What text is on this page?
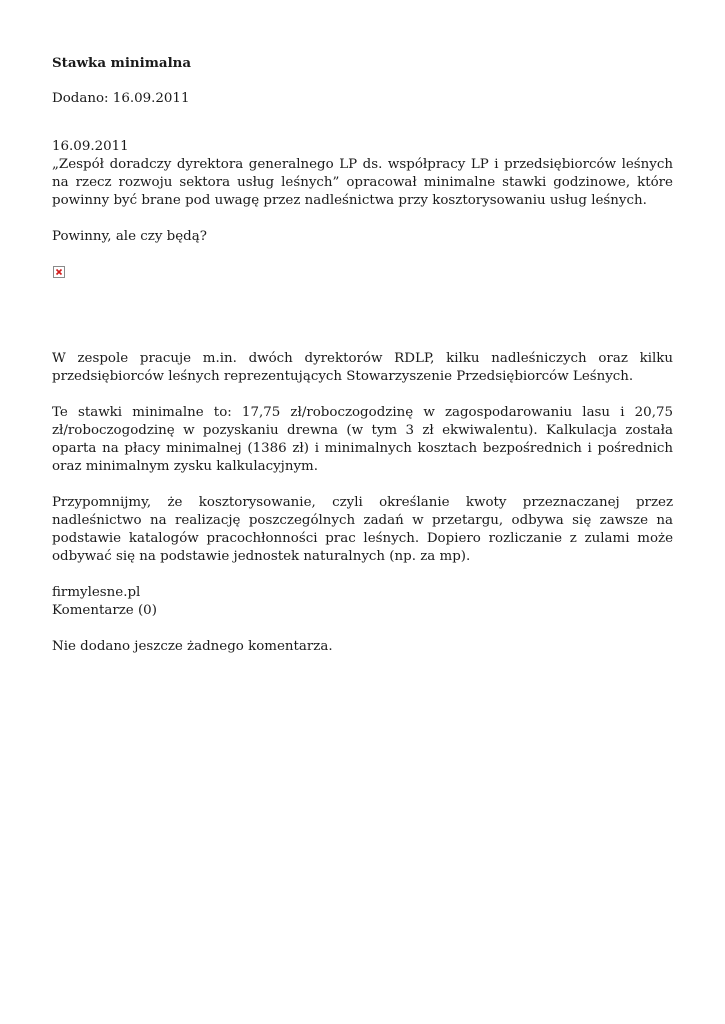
Stawka minimalna
Dodano: 16.09.2011

16.09.2011
„Zespół doradczy dyrektora generalnego LP ds. współpracy LP i przedsiębiorców leśnych na rzecz rozwoju sektora usług leśnych” opracował minimalne stawki godzinowe, które powinny być brane pod uwagę przez nadleśnictwa przy kosztorysowaniu usług leśnych.

Powinny, ale czy będą?

W zespole pracuje m.in. dwóch dyrektorów RDLP, kilku nadleśniczych oraz kilku przedsiębiorców leśnych reprezentujących Stowarzyszenie Przedsiębiorców Leśnych.

Te stawki minimalne to: 17,75 zł/roboczogodzinę w zagospodarowaniu lasu i 20,75 zł/roboczogodzinę w pozyskaniu drewna (w tym 3 zł ekwiwalentu). Kalkulacja została oparta na płacy minimalnej (1386 zł) i minimalnych kosztach bezpośrednich i pośrednich oraz minimalnym zysku kalkulacyjnym.

Przypomnijmy, że kosztorysowanie, czyli określanie kwoty przeznaczanej przez nadleśnictwo na realizację poszczególnych zadań w przetargu, odbywa się zawsze na podstawie katalogów pracochłonności prac leśnych. Dopiero rozliczanie z zulami może odbywać się na podstawie jednostek naturalnych (np. za mp).

firmylesne.pl
Komentarze (0)

Nie dodano jeszcze żadnego komentarza.
